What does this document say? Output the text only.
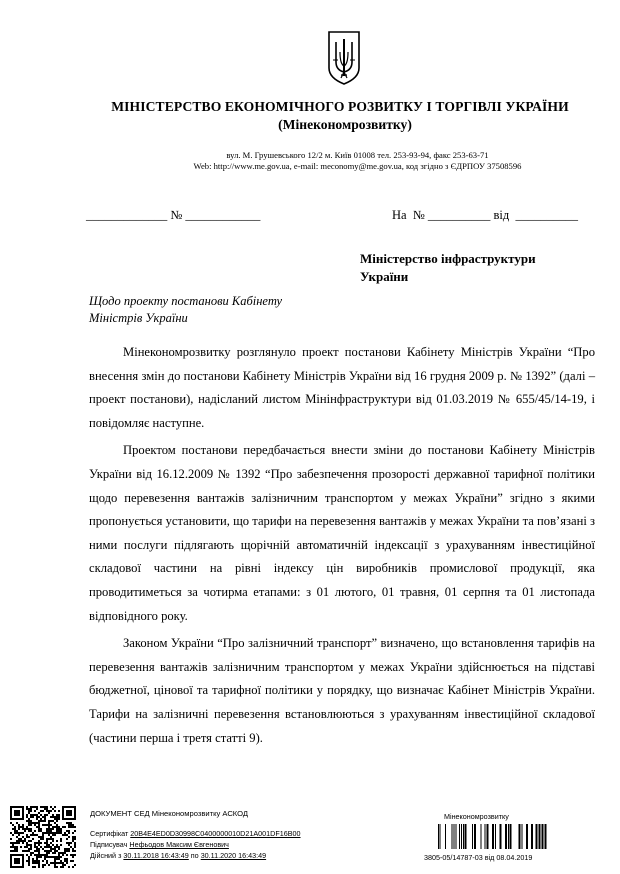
МІНІСТЕРСТВО ЕКОНОМІЧНОГО РОЗВИТКУ І ТОРГІВЛІ УКРАЇНИ
(Мінекономрозвитку)
вул. М. Грушевського 12/2 м. Київ 01008 тел. 253-93-94, факс 253-63-71
Web: http://www.me.gov.ua, e-mail: meconomy@me.gov.ua, код згідно з ЄДРПОУ 37508596
_____________ № ____________	На  № __________ від  __________
Міністерство інфраструктури
України
Щодо проекту постанови Кабінету
Міністрів України

Мінекономрозвитку розглянуло проект постанови Кабінету Міністрів України “Про внесення змін до постанови Кабінету Міністрів України від 16 грудня 2009 р. № 1392” (далі – проект постанови), надісланий листом Мінінфраструктури від 01.03.2019 № 655/45/14-19, і повідомляє наступне.

Проектом постанови передбачається внести зміни до постанови Кабінету Міністрів України від 16.12.2009 № 1392 “Про забезпечення прозорості державної тарифної політики щодо перевезення вантажів залізничним транспортом у межах України” згідно з якими пропонується установити, що тарифи на перевезення вантажів у межах України та пов’язані з ними послуги підлягають щорічній автоматичній індексації з урахуванням інвестиційної складової частини на рівні індексу цін виробників промислової продукції, яка проводитиметься за чотирма етапами: з 01 лютого, 01 травня, 01 серпня та 01 листопада відповідного року.

Законом України “Про залізничний транспорт” визначено, що встановлення тарифів на перевезення вантажів залізничним транспортом у межах України здійснюється на підставі бюджетної, цінової та тарифної політики у порядку, що визначає Кабінет Міністрів України. Тарифи на залізничні перевезення встановлюються з урахуванням інвестиційної складової (частини перша і третя статті 9).

ДОКУМЕНТ СЕД Мінекономрозвитку АСКОД
Сертифікат 20B4E4ED0D30998C0400000010D21A001DF16B00
Підписувач Нефьодов Максим Євгенович
Дійсний з 30.11.2018 16:43:49 по 30.11.2020 16:43:49
Мінекономрозвитку
3805-05/14787-03 від 08.04.2019
